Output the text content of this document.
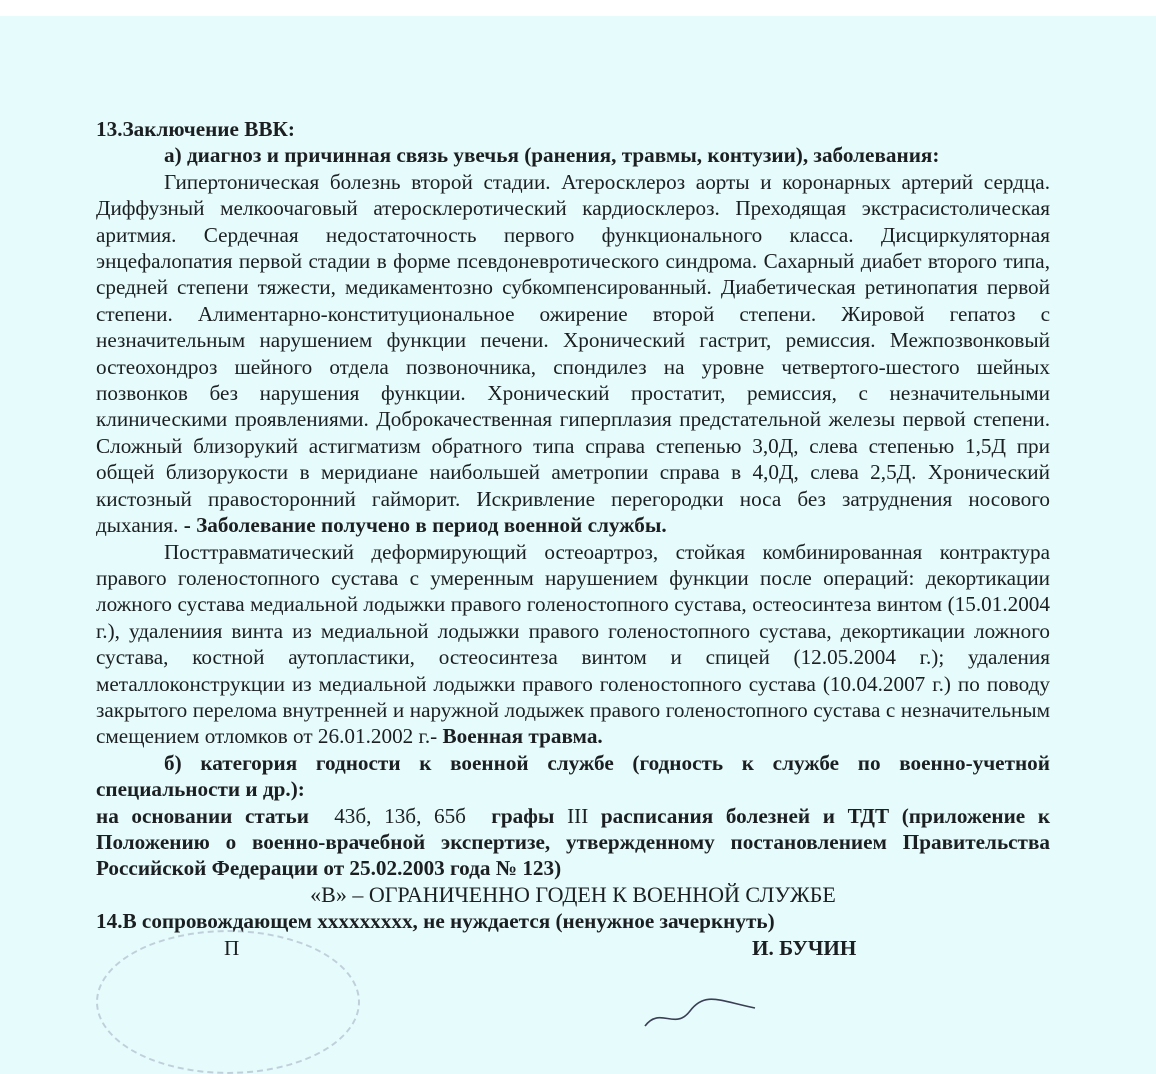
13.Заключение ВВК:

а) диагноз и причинная связь увечья (ранения, травмы, контузии), заболевания:

Гипертоническая болезнь второй стадии. Атеросклероз аорты и коронарных артерий сердца. Диффузный мелкоочаговый атеросклеротический кардиосклероз. Преходящая экстрасистолическая аритмия. Сердечная недостаточность первого функционального класса. Дисциркуляторная энцефалопатия первой стадии в форме псевдоневротического синдрома. Сахарный диабет второго типа, средней степени тяжести, медикаментозно субкомпенсированный. Диабетическая ретинопатия первой степени. Алиментарно-конституциональное ожирение второй степени. Жировой гепатоз с незначительным нарушением функции печени. Хронический гастрит, ремиссия. Межпозвонковый остеохондроз шейного отдела позвоночника, спондилез на уровне четвертого-шестого шейных позвонков без нарушения функции. Хронический простатит, ремиссия, с незначительными клиническими проявлениями. Доброкачественная гиперплазия предстательной железы первой степени. Сложный близорукий астигматизм обратного типа справа степенью 3,0Д, слева степенью 1,5Д при общей близорукости в меридиане наибольшей аметропии справа в 4,0Д, слева 2,5Д. Хронический кистозный правосторонний гайморит. Искривление перегородки носа без затруднения носового дыхания. - Заболевание получено в период военной службы.

Посттравматический деформирующий остеоартроз, стойкая комбинированная контрактура правого голеностопного сустава с умеренным нарушением функции после операций: декортикации ложного сустава медиальной лодыжки правого голеностопного сустава, остеосинтеза винтом (15.01.2004 г.), удалениия винта из медиальной лодыжки правого голеностопного сустава, декортикации ложного сустава, костной аутопластики, остеосинтеза винтом и спицей (12.05.2004 г.); удаления металлоконструкции из медиальной лодыжки правого голеностопного сустава (10.04.2007 г.) по поводу закрытого перелома внутренней и наружной лодыжек правого голеностопного сустава с незначительным смещением отломков от 26.01.2002 г.- Военная травма.

б) категория годности к военной службе (годность к службе по военно-учетной специальности и др.):

на основании статьи 43б, 13б, 65б графы III расписания болезней и ТДТ (приложение к Положению о военно-врачебной экспертизе, утвержденному постановлением Правительства Российской Федерации от 25.02.2003 года № 123)

«В» – ОГРАНИЧЕННО ГОДЕН К ВОЕННОЙ СЛУЖБЕ

14.В сопровождающем xxxxxxxxx, не нуждается (ненужное зачеркнуть)

П	И. БУЧИН
